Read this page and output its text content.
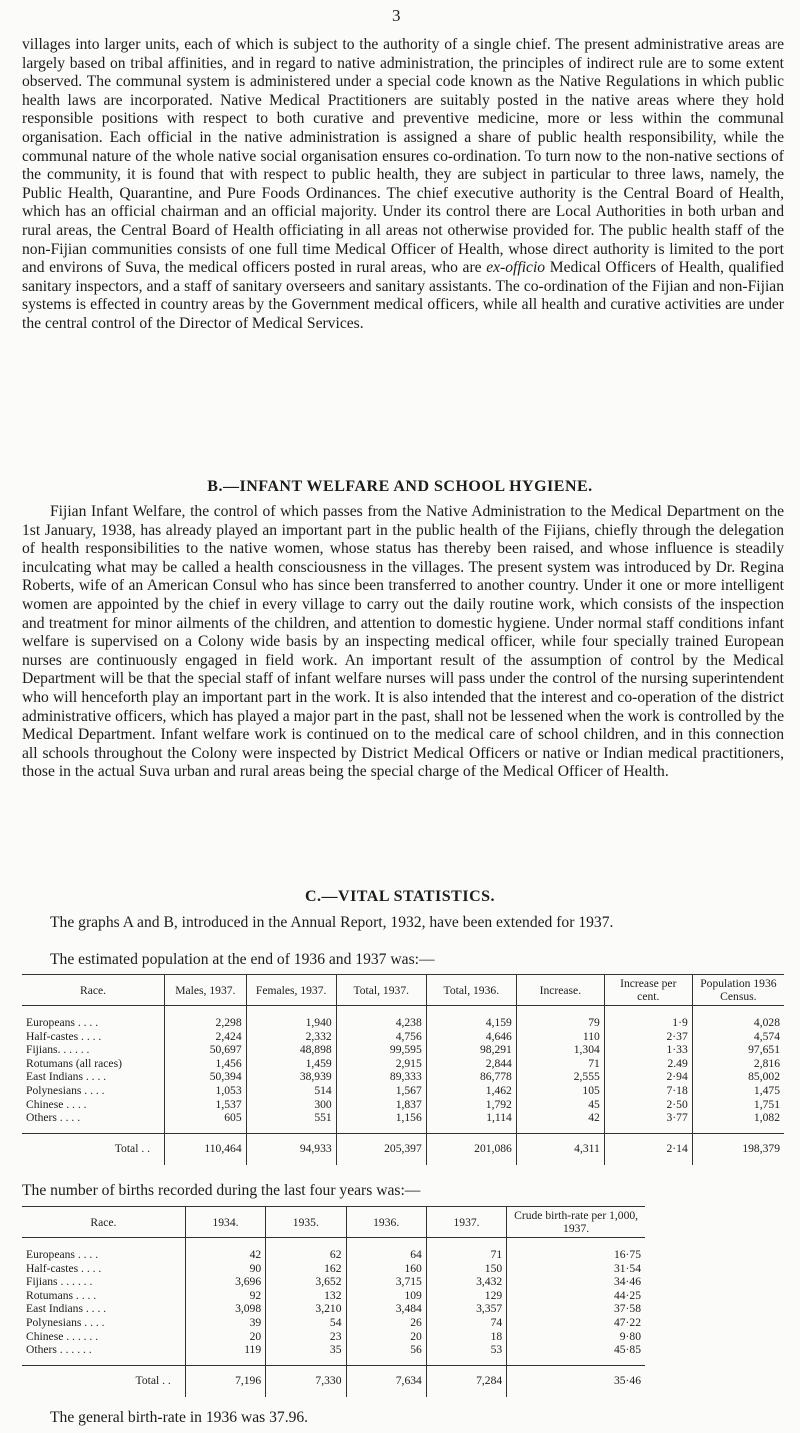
3

villages into larger units, each of which is subject to the authority of a single chief. The present administrative areas are largely based on tribal affinities, and in regard to native administration, the principles of indirect rule are to some extent observed. The communal system is administered under a special code known as the Native Regulations in which public health laws are incorporated. Native Medical Practitioners are suitably posted in the native areas where they hold responsible positions with respect to both curative and preventive medicine, more or less within the communal organisation. Each official in the native administration is assigned a share of public health responsibility, while the communal nature of the whole native social organisation ensures co-ordination. To turn now to the non-native sections of the community, it is found that with respect to public health, they are subject in particular to three laws, namely, the Public Health, Quarantine, and Pure Foods Ordinances. The chief executive authority is the Central Board of Health, which has an official chairman and an official majority. Under its control there are Local Authorities in both urban and rural areas, the Central Board of Health officiating in all areas not otherwise provided for. The public health staff of the non-Fijian communities consists of one full time Medical Officer of Health, whose direct authority is limited to the port and environs of Suva, the medical officers posted in rural areas, who are ex-officio Medical Officers of Health, qualified sanitary inspectors, and a staff of sanitary overseers and sanitary assistants. The co-ordination of the Fijian and non-Fijian systems is effected in country areas by the Government medical officers, while all health and curative activities are under the central control of the Director of Medical Services.

B.—INFANT WELFARE AND SCHOOL HYGIENE.

Fijian Infant Welfare, the control of which passes from the Native Administration to the Medical Department on the 1st January, 1938, has already played an important part in the public health of the Fijians, chiefly through the delegation of health responsibilities to the native women, whose status has thereby been raised, and whose influence is steadily inculcating what may be called a health consciousness in the villages. The present system was introduced by Dr. Regina Roberts, wife of an American Consul who has since been transferred to another country. Under it one or more intelligent women are appointed by the chief in every village to carry out the daily routine work, which consists of the inspection and treatment for minor ailments of the children, and attention to domestic hygiene. Under normal staff conditions infant welfare is supervised on a Colony wide basis by an inspecting medical officer, while four specially trained European nurses are continuously engaged in field work. An important result of the assumption of control by the Medical Department will be that the special staff of infant welfare nurses will pass under the control of the nursing superintendent who will henceforth play an important part in the work. It is also intended that the interest and co-operation of the district administrative officers, which has played a major part in the past, shall not be lessened when the work is controlled by the Medical Department. Infant welfare work is continued on to the medical care of school children, and in this connection all schools throughout the Colony were inspected by District Medical Officers or native or Indian medical practitioners, those in the actual Suva urban and rural areas being the special charge of the Medical Officer of Health.

C.—VITAL STATISTICS.

The graphs A and B, introduced in the Annual Report, 1932, have been extended for 1937.

The estimated population at the end of 1936 and 1937 was:—

Race.	Males, 1937.	Females, 1937.	Total, 1937.	Total, 1936.	Increase.	Increase per cent.	Population 1936 Census.
Europeans . . . .	2,298	1,940	4,238	4,159	79	1·9	4,028
Half-castes . . . .	2,424	2,332	4,756	4,646	110	2·37	4,574
Fijians. . . . . .	50,697	48,898	99,595	98,291	1,304	1·33	97,651
Rotumans (all races)	1,456	1,459	2,915	2,844	71	2.49	2,816
East Indians . . . .	50,394	38,939	89,333	86,778	2,555	2·94	85,002
Polynesians . . . .	1,053	514	1,567	1,462	105	7·18	1,475
Chinese . . . .	1,537	300	1,837	1,792	45	2·50	1,751
Others . . . .	605	551	1,156	1,114	42	3·77	1,082
Total . .	110,464	94,933	205,397	201,086	4,311	2·14	198,379

The number of births recorded during the last four years was:—

Race.	1934.	1935.	1936.	1937.	Crude birth-rate per 1,000, 1937.
Europeans . . . .	42	62	64	71	16·75
Half-castes . . . .	90	162	160	150	31·54
Fijians . . . . . .	3,696	3,652	3,715	3,432	34·46
Rotumans . . . .	92	132	109	129	44·25
East Indians . . . .	3,098	3,210	3,484	3,357	37·58
Polynesians . . . .	39	54	26	74	47·22
Chinese . . . . . .	20	23	20	18	9·80
Others . . . . . .	119	35	56	53	45·85
Total . .	7,196	7,330	7,634	7,284	35·46

The general birth-rate in 1936 was 37.96.
